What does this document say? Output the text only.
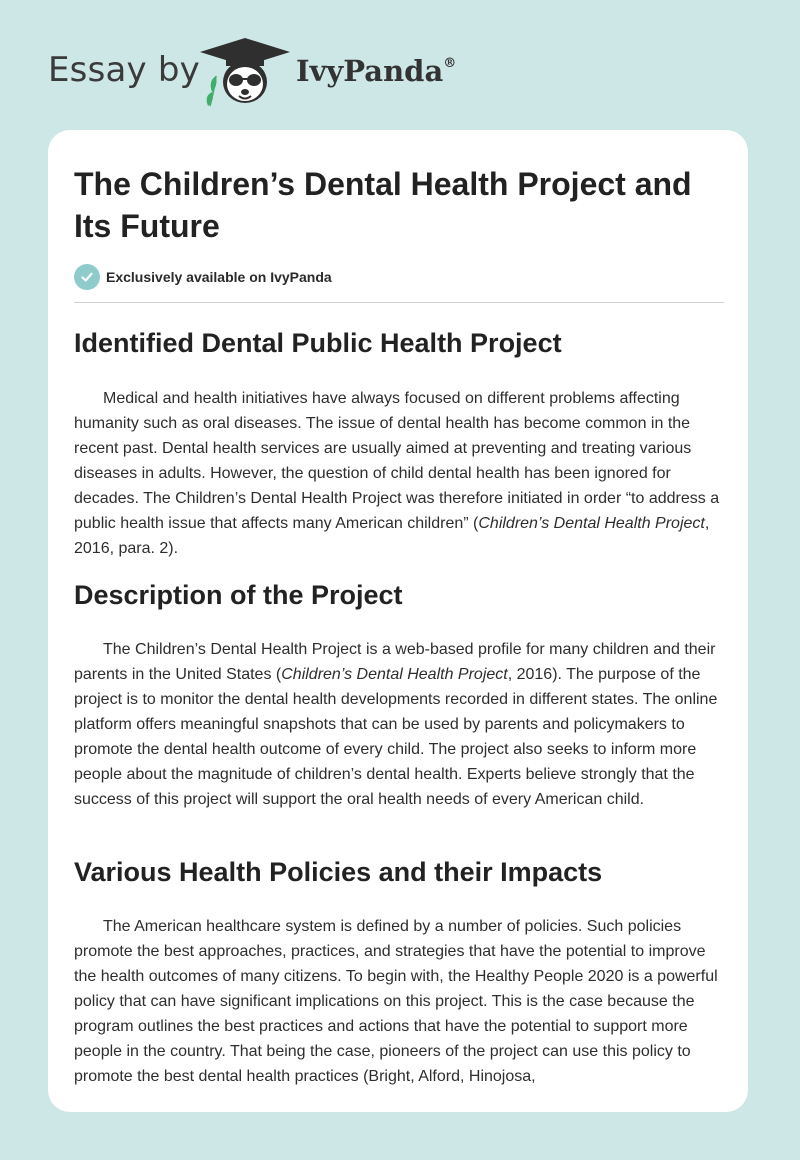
Essay by	IvyPanda®
The Children’s Dental Health Project and Its Future
Exclusively available on IvyPanda
Identified Dental Public Health Project

Medical and health initiatives have always focused on different problems affecting humanity such as oral diseases. The issue of dental health has become common in the recent past. Dental health services are usually aimed at preventing and treating various diseases in adults. However, the question of child dental health has been ignored for decades. The Children’s Dental Health Project was therefore initiated in order “to address a public health issue that affects many American children” (Children’s Dental Health Project, 2016, para. 2).

Description of the Project

The Children’s Dental Health Project is a web-based profile for many children and their parents in the United States (Children’s Dental Health Project, 2016). The purpose of the project is to monitor the dental health developments recorded in different states. The online platform offers meaningful snapshots that can be used by parents and policymakers to promote the dental health outcome of every child. The project also seeks to inform more people about the magnitude of children’s dental health. Experts believe strongly that the success of this project will support the oral health needs of every American child.

Various Health Policies and their Impacts

The American healthcare system is defined by a number of policies. Such policies promote the best approaches, practices, and strategies that have the potential to improve the health outcomes of many citizens. To begin with, the Healthy People 2020 is a powerful policy that can have significant implications on this project. This is the case because the program outlines the best practices and actions that have the potential to support more people in the country. That being the case, pioneers of the project can use this policy to promote the best dental health practices (Bright, Alford, Hinojosa,
